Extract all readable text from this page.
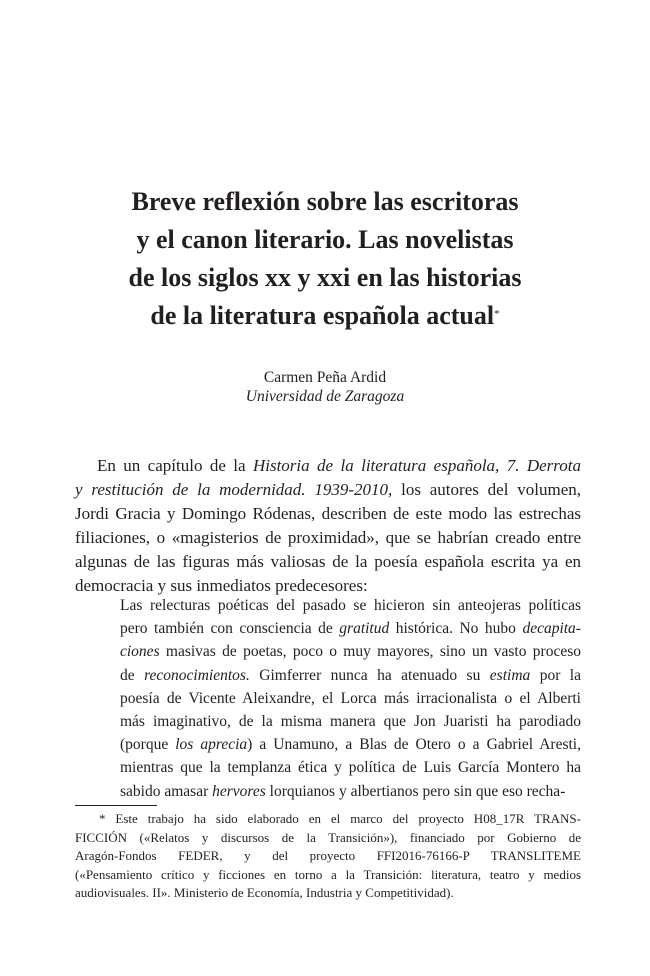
Breve reflexión sobre las escritoras
y el canon literario. Las novelistas
de los siglos xx y xxi en las historias
de la literatura española actual*
Carmen Peña Ardid
Universidad de Zaragoza
En un capítulo de la Historia de la literatura española, 7. Derrota
y restitución de la modernidad. 1939-2010, los autores del volumen,
Jordi Gracia y Domingo Ródenas, describen de este modo las estrechas
filiaciones, o «magisterios de proximidad», que se habrían creado entre
algunas de las figuras más valiosas de la poesía española escrita ya en
democracia y sus inmediatos predecesores:
Las relecturas poéticas del pasado se hicieron sin anteojeras políticas
pero también con consciencia de gratitud histórica. No hubo decapita-
ciones masivas de poetas, poco o muy mayores, sino un vasto proceso
de reconocimientos. Gimferrer nunca ha atenuado su estima por la
poesía de Vicente Aleixandre, el Lorca más irracionalista o el Alberti
más imaginativo, de la misma manera que Jon Juaristi ha parodiado
(porque los aprecia) a Unamuno, a Blas de Otero o a Gabriel Aresti,
mientras que la templanza ética y política de Luis García Montero ha
sabido amasar hervores lorquianos y albertianos pero sin que eso recha-
* Este trabajo ha sido elaborado en el marco del proyecto H08_17R TRANS-
FICCIÓN («Relatos y discursos de la Transición»), financiado por Gobierno de
Aragón-Fondos FEDER, y del proyecto FFI2016-76166-P TRANSLITEME
(«Pensamiento crítico y ficciones en torno a la Transición: literatura, teatro y medios
audiovisuales. II». Ministerio de Economía, Industria y Competitividad).
